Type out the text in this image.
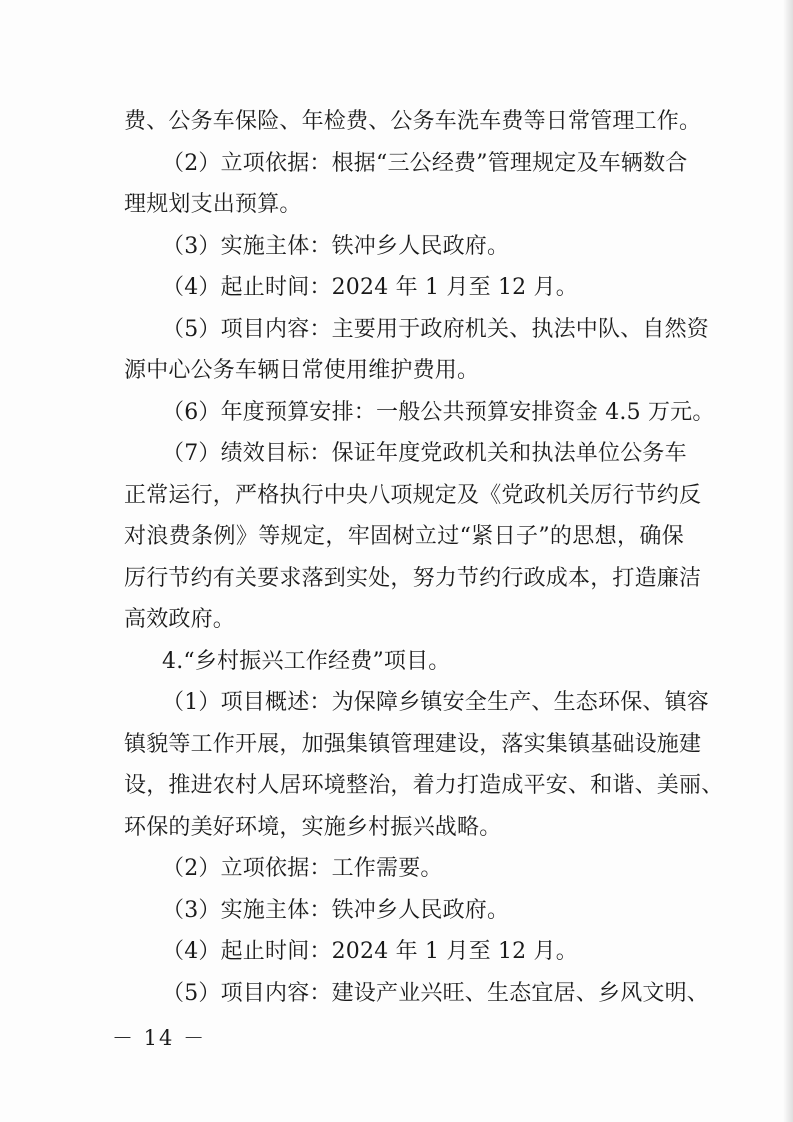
费、公务车保险、年检费、公务车洗车费等日常管理工作。
（2）立项依据：根据“三公经费”管理规定及车辆数合
理规划支出预算。
（3）实施主体：铁冲乡人民政府。
（4）起止时间：2024 年 1 月至 12 月。
（5）项目内容：主要用于政府机关、执法中队、自然资
源中心公务车辆日常使用维护费用。
（6）年度预算安排：一般公共预算安排资金 4.5 万元。
（7）绩效目标：保证年度党政机关和执法单位公务车
正常运行，严格执行中央八项规定及《党政机关厉行节约反
对浪费条例》等规定，牢固树立过“紧日子”的思想，确保
厉行节约有关要求落到实处，努力节约行政成本，打造廉洁
高效政府。
4.“乡村振兴工作经费”项目。
（1）项目概述：为保障乡镇安全生产、生态环保、镇容
镇貌等工作开展，加强集镇管理建设，落实集镇基础设施建
设，推进农村人居环境整治，着力打造成平安、和谐、美丽、
环保的美好环境，实施乡村振兴战略。
（2）立项依据：工作需要。
（3）实施主体：铁冲乡人民政府。
（4）起止时间：2024 年 1 月至 12 月。
（5）项目内容：建设产业兴旺、生态宜居、乡风文明、
－ 14 －
